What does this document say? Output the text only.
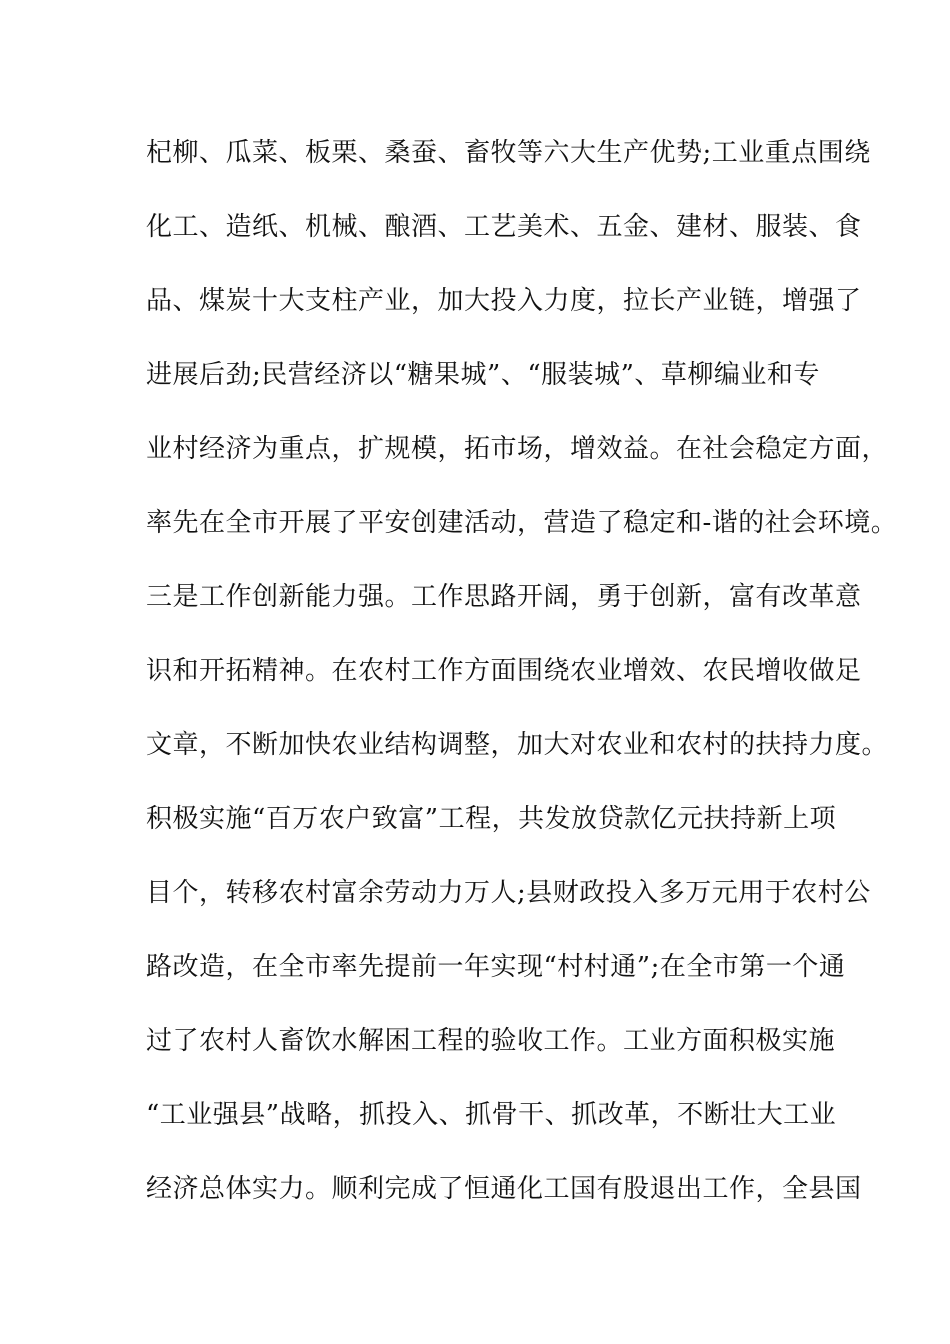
杞柳、瓜菜、板栗、桑蚕、畜牧等六大生产优势;工业重点围绕
化工、造纸、机械、酿酒、工艺美术、五金、建材、服装、食
品、煤炭十大支柱产业，加大投入力度，拉长产业链，增强了
进展后劲;民营经济以“糖果城”、“服装城”、草柳编业和专
业村经济为重点，扩规模，拓市场，增效益。在社会稳定方面，
率先在全市开展了平安创建活动，营造了稳定和-谐的社会环境。
三是工作创新能力强。工作思路开阔，勇于创新，富有改革意
识和开拓精神。在农村工作方面围绕农业增效、农民增收做足
文章，不断加快农业结构调整，加大对农业和农村的扶持力度。
积极实施“百万农户致富”工程，共发放贷款亿元扶持新上项
目个，转移农村富余劳动力万人;县财政投入多万元用于农村公
路改造，在全市率先提前一年实现“村村通”;在全市第一个通
过了农村人畜饮水解困工程的验收工作。工业方面积极实施
“工业强县”战略，抓投入、抓骨干、抓改革，不断壮大工业
经济总体实力。顺利完成了恒通化工国有股退出工作，全县国
